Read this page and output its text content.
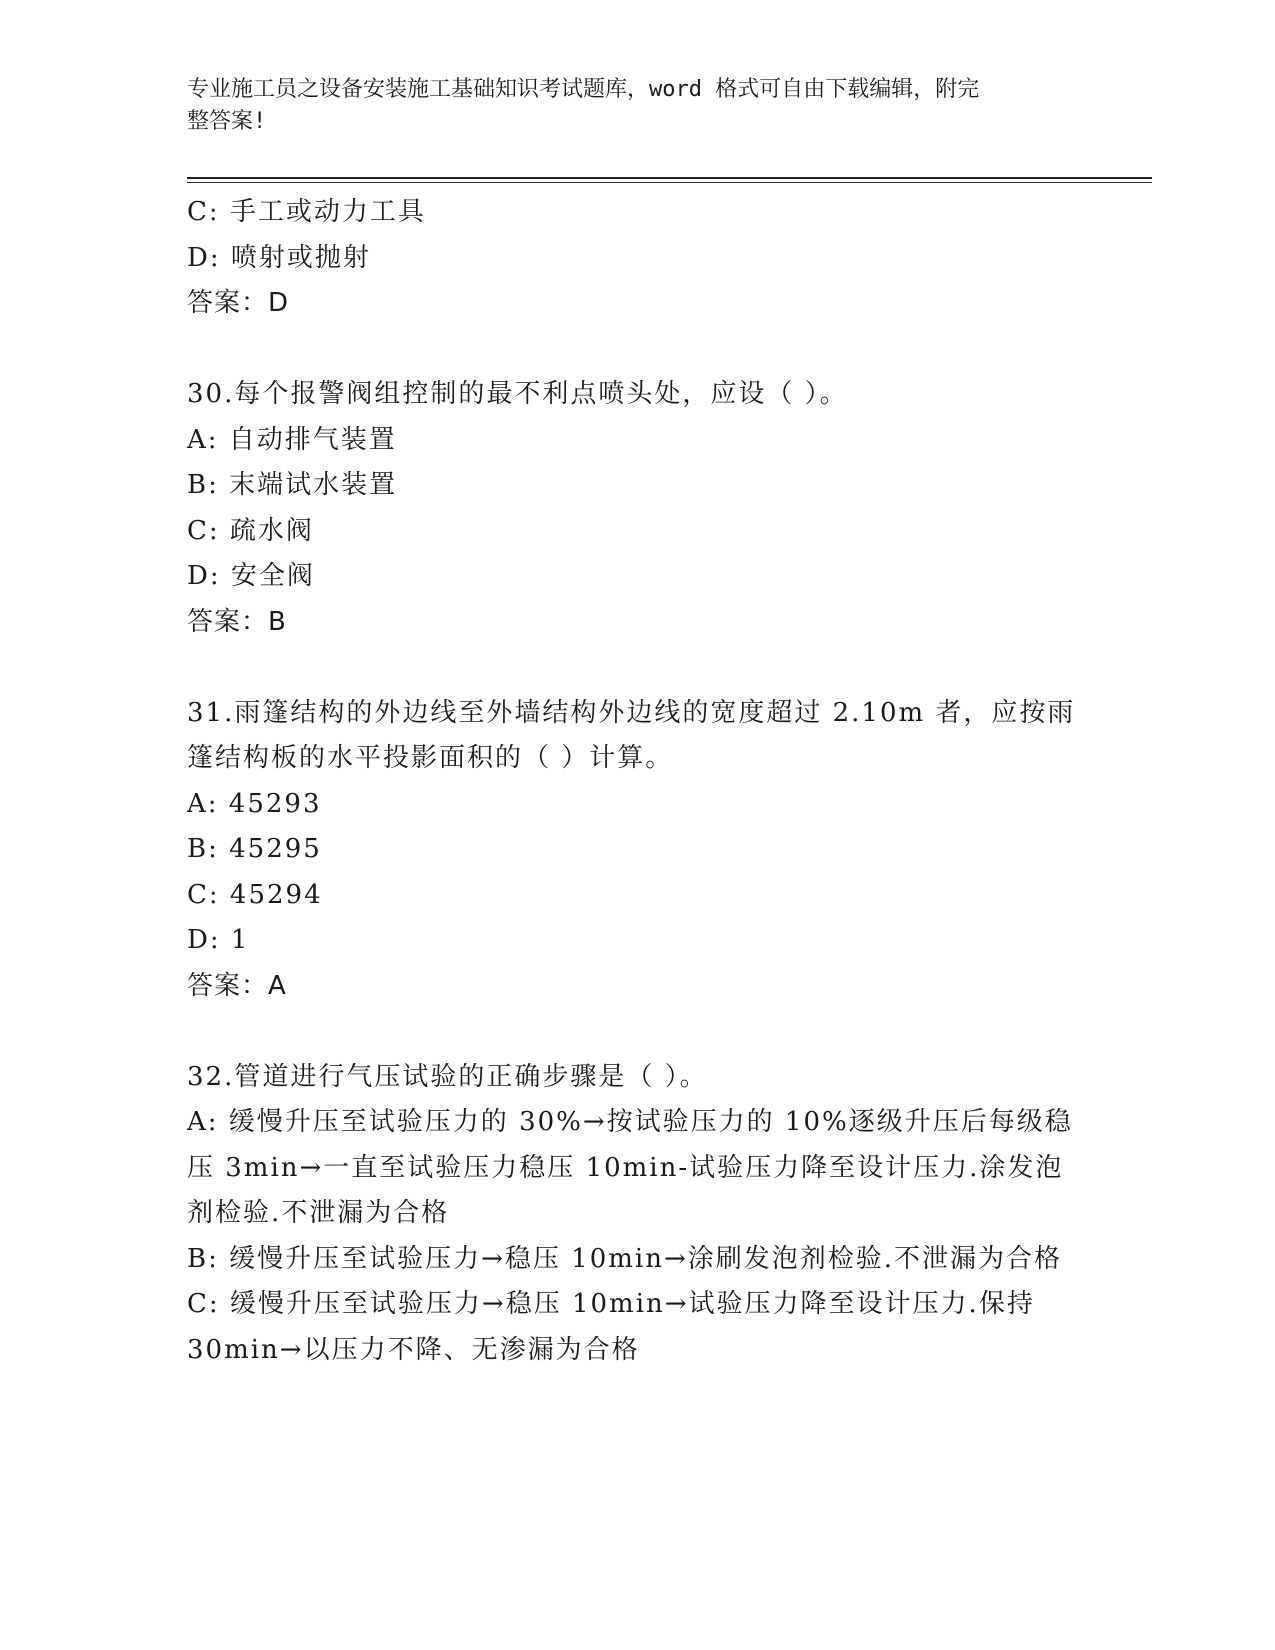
专业施工员之设备安装施工基础知识考试题库，word 格式可自由下载编辑，附完
整答案!
C: 手工或动力工具
D: 喷射或抛射
答案：D
30.每个报警阀组控制的最不利点喷头处，应设（ ）。
A: 自动排气装置
B: 末端试水装置
C: 疏水阀
D: 安全阀
答案：B
31.雨篷结构的外边线至外墙结构外边线的宽度超过 2.10m 者，应按雨
篷结构板的水平投影面积的（ ）计算。
A: 45293
B: 45295
C: 45294
D: 1
答案：A
32.管道进行气压试验的正确步骤是（ ）。
A: 缓慢升压至试验压力的 30%→按试验压力的 10%逐级升压后每级稳
压 3min→一直至试验压力稳压 10min-试验压力降至设计压力.涂发泡
剂检验.不泄漏为合格
B: 缓慢升压至试验压力→稳压 10min→涂刷发泡剂检验.不泄漏为合格
C: 缓慢升压至试验压力→稳压 10min→试验压力降至设计压力.保持
30min→以压力不降、无渗漏为合格
